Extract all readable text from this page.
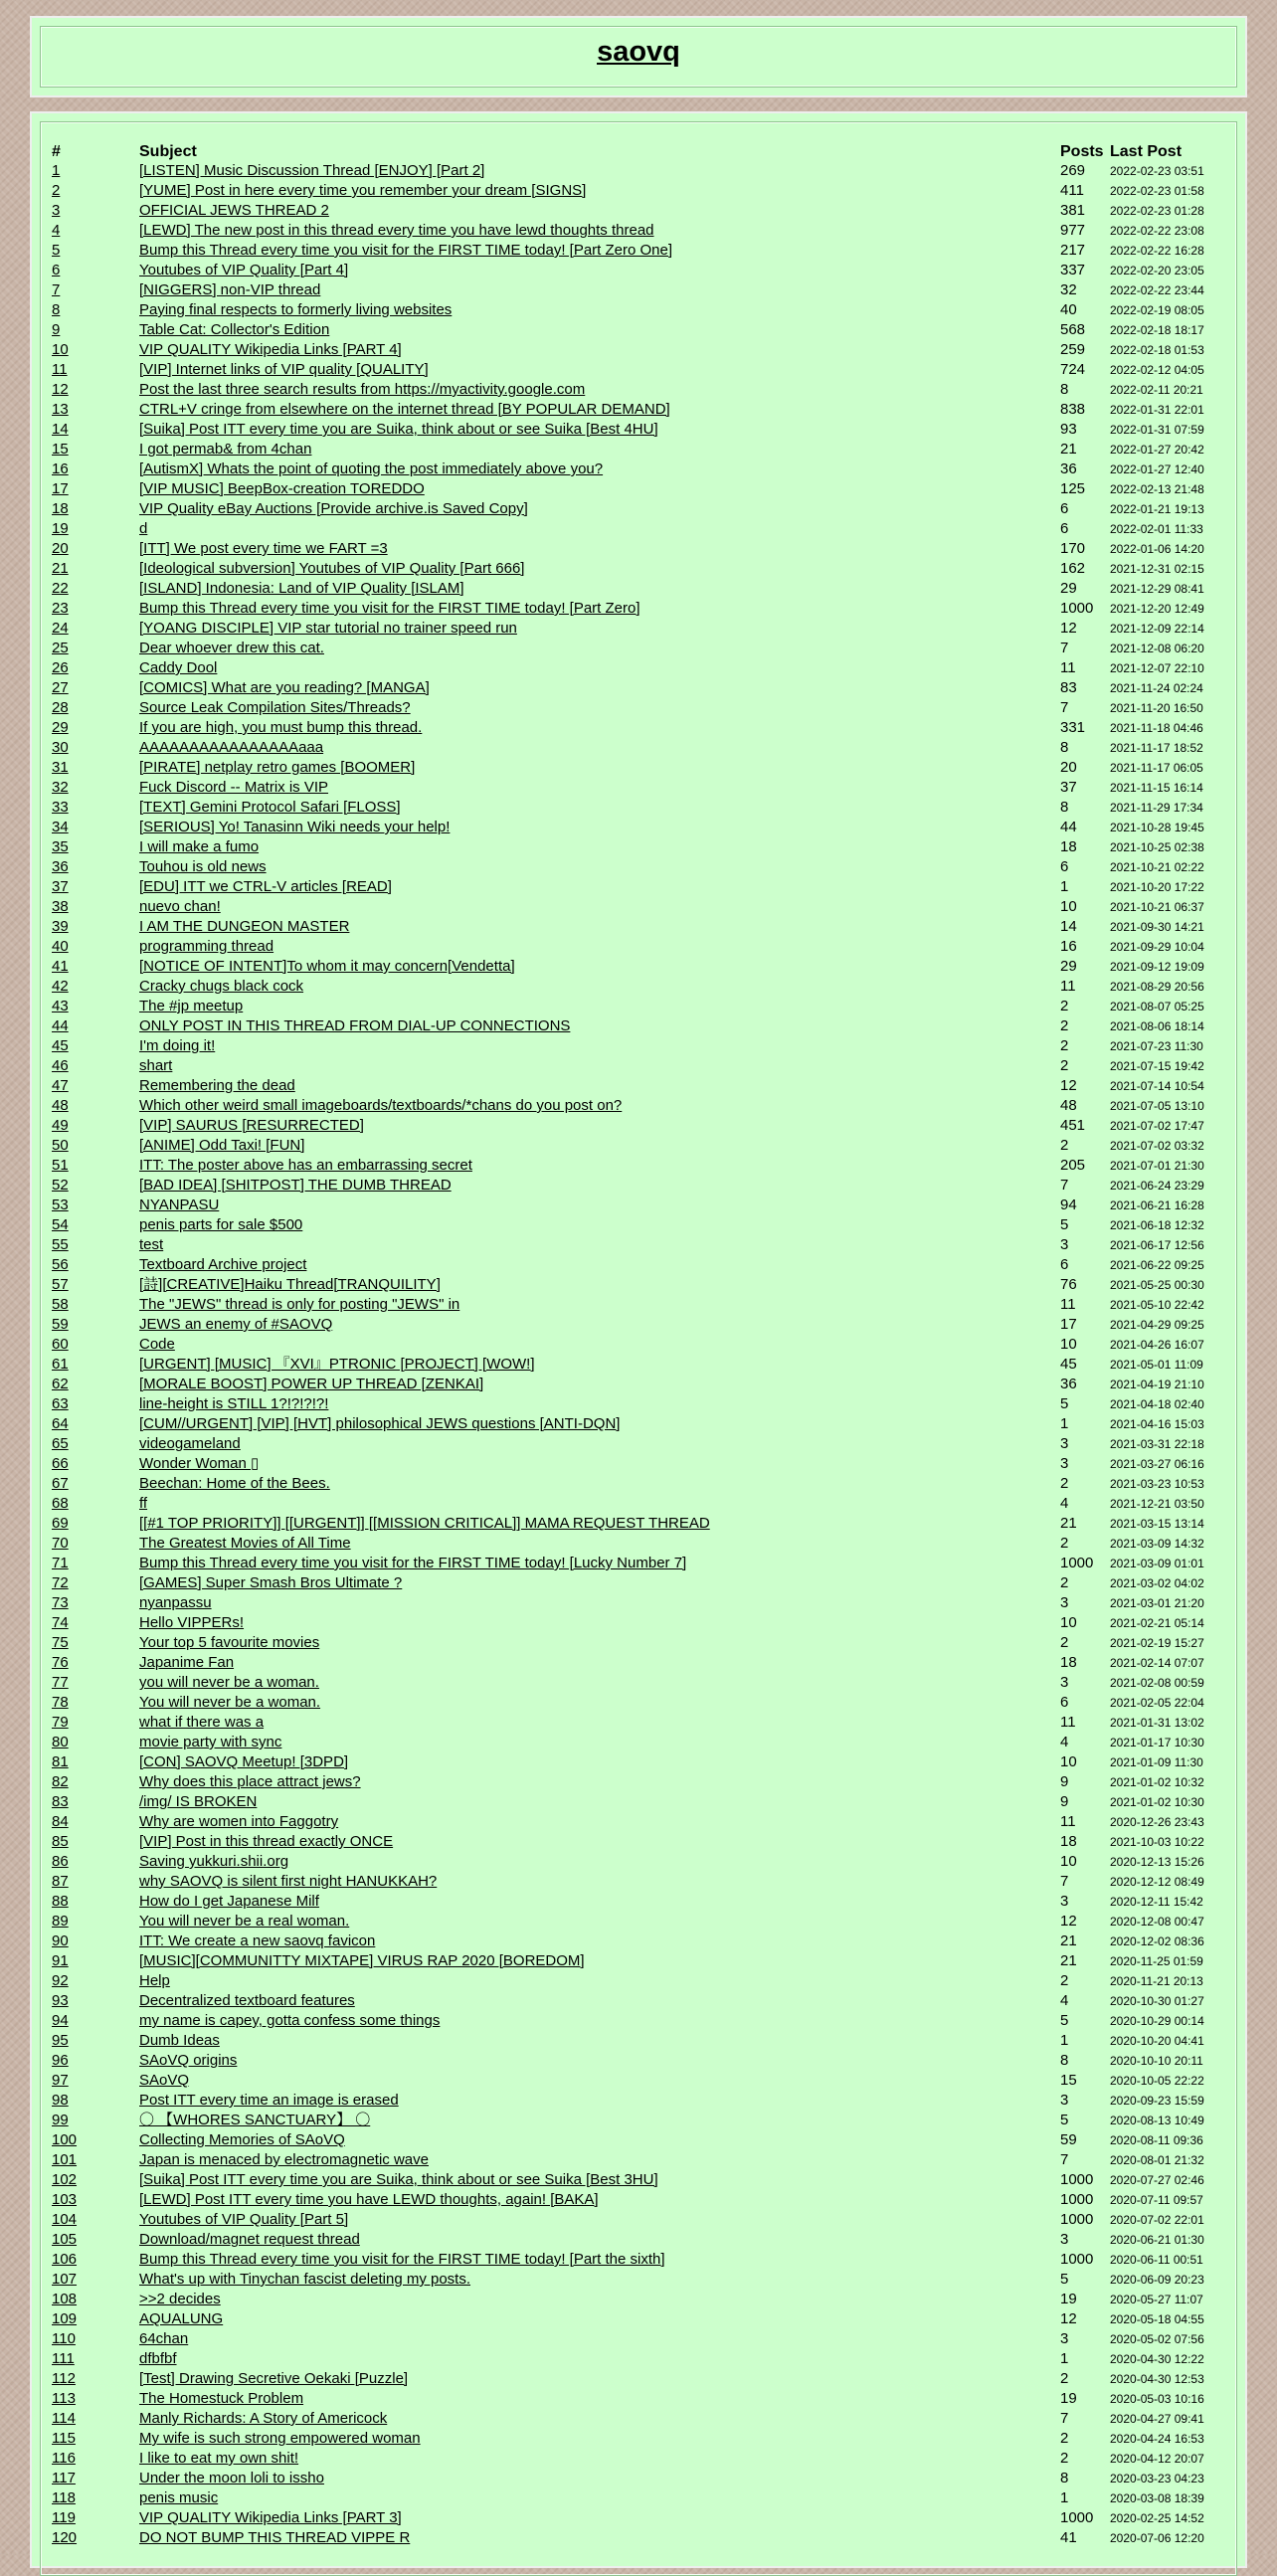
saovq
#	Subject	Posts	Last Post
1	[LISTEN] Music Discussion Thread [ENJOY] [Part 2]	269	2022-02-23 03:51
2	[YUME] Post in here every time you remember your dream [SIGNS]	411	2022-02-23 01:58
3	OFFICIAL JEWS THREAD 2	381	2022-02-23 01:28
4	[LEWD] The new post in this thread every time you have lewd thoughts thread	977	2022-02-22 23:08
5	Bump this Thread every time you visit for the FIRST TIME today! [Part Zero One]	217	2022-02-22 16:28
6	Youtubes of VIP Quality [Part 4]	337	2022-02-20 23:05
7	[NIGGERS] non-VIP thread	32	2022-02-22 23:44
8	Paying final respects to formerly living websites	40	2022-02-19 08:05
9	Table Cat: Collector's Edition	568	2022-02-18 18:17
10	VIP QUALITY Wikipedia Links [PART 4]	259	2022-02-18 01:53
11	[VIP] Internet links of VIP quality [QUALITY]	724	2022-02-12 04:05
12	Post the last three search results from https://myactivity.google.com	8	2022-02-11 20:21
13	CTRL+V cringe from elsewhere on the internet thread [BY POPULAR DEMAND]	838	2022-01-31 22:01
14	[Suika] Post ITT every time you are Suika, think about or see Suika [Best 4HU]	93	2022-01-31 07:59
15	I got permab& from 4chan	21	2022-01-27 20:42
16	[AutismX] Whats the point of quoting the post immediately above you?	36	2022-01-27 12:40
17	[VIP MUSIC] BeepBox-creation TOREDDO	125	2022-02-13 21:48
18	VIP Quality eBay Auctions [Provide archive.is Saved Copy]	6	2022-01-21 19:13
19	d	6	2022-02-01 11:33
20	[ITT] We post every time we FART =3	170	2022-01-06 14:20
21	[Ideological subversion] Youtubes of VIP Quality [Part 666]	162	2021-12-31 02:15
22	[ISLAND] Indonesia: Land of VIP Quality [ISLAM]	29	2021-12-29 08:41
23	Bump this Thread every time you visit for the FIRST TIME today! [Part Zero]	1000	2021-12-20 12:49
24	[YOANG DISCIPLE] VIP star tutorial no trainer speed run	12	2021-12-09 22:14
25	Dear whoever drew this cat.	7	2021-12-08 06:20
26	Caddy Dool	11	2021-12-07 22:10
27	[COMICS] What are you reading? [MANGA]	83	2021-11-24 02:24
28	Source Leak Compilation Sites/Threads?	7	2021-11-20 16:50
29	If you are high, you must bump this thread.	331	2021-11-18 04:46
30	AAAAAAAAAAAAAAAAaaa	8	2021-11-17 18:52
31	[PIRATE] netplay retro games [BOOMER]	20	2021-11-17 06:05
32	Fuck Discord -- Matrix is VIP	37	2021-11-15 16:14
33	[TEXT] Gemini Protocol Safari [FLOSS]	8	2021-11-29 17:34
34	[SERIOUS] Yo! Tanasinn Wiki needs your help!	44	2021-10-28 19:45
35	I will make a fumo	18	2021-10-25 02:38
36	Touhou is old news	6	2021-10-21 02:22
37	[EDU] ITT we CTRL-V articles [READ]	1	2021-10-20 17:22
38	nuevo chan!	10	2021-10-21 06:37
39	I AM THE DUNGEON MASTER	14	2021-09-30 14:21
40	programming thread	16	2021-09-29 10:04
41	[NOTICE OF INTENT]To whom it may concern[Vendetta]	29	2021-09-12 19:09
42	Cracky chugs black cock	11	2021-08-29 20:56
43	The #jp meetup	2	2021-08-07 05:25
44	ONLY POST IN THIS THREAD FROM DIAL-UP CONNECTIONS	2	2021-08-06 18:14
45	I'm doing it!	2	2021-07-23 11:30
46	shart	2	2021-07-15 19:42
47	Remembering the dead	12	2021-07-14 10:54
48	Which other weird small imageboards/textboards/*chans do you post on?	48	2021-07-05 13:10
49	[VIP] SAURUS [RESURRECTED]	451	2021-07-02 17:47
50	[ANIME] Odd Taxi! [FUN]	2	2021-07-02 03:32
51	ITT: The poster above has an embarrassing secret	205	2021-07-01 21:30
52	[BAD IDEA] [SHITPOST] THE DUMB THREAD	7	2021-06-24 23:29
53	NYANPASU	94	2021-06-21 16:28
54	penis parts for sale $500	5	2021-06-18 12:32
55	test	3	2021-06-17 12:56
56	Textboard Archive project	6	2021-06-22 09:25
57	[詩][CREATIVE]Haiku Thread[TRANQUILITY]	76	2021-05-25 00:30
58	The "JEWS" thread is only for posting "JEWS" in	11	2021-05-10 22:42
59	JEWS an enemy of #SAOVQ	17	2021-04-29 09:25
60	Code	10	2021-04-26 16:07
61	[URGENT] [MUSIC] 『XVI』PTRONIC [PROJECT] [WOW!]	45	2021-05-01 11:09
62	[MORALE BOOST] POWER UP THREAD [ZENKAI]	36	2021-04-19 21:10
63	line-height is STILL 1?!?!?!?!	5	2021-04-18 02:40
64	[CUM//URGENT] [VIP] [HVT] philosophical JEWS questions [ANTI-DQN]	1	2021-04-16 15:03
65	videogameland	3	2021-03-31 22:18
66	Wonder Woman ▯	3	2021-03-27 06:16
67	Beechan: Home of the Bees.	2	2021-03-23 10:53
68	ff	4	2021-12-21 03:50
69	[[#1 TOP PRIORITY]] [[URGENT]] [[MISSION CRITICAL]] MAMA REQUEST THREAD	21	2021-03-15 13:14
70	The Greatest Movies of All Time	2	2021-03-09 14:32
71	Bump this Thread every time you visit for the FIRST TIME today! [Lucky Number 7]	1000	2021-03-09 01:01
72	[GAMES] Super Smash Bros Ultimate ?	2	2021-03-02 04:02
73	nyanpassu	3	2021-03-01 21:20
74	Hello VIPPERs!	10	2021-02-21 05:14
75	Your top 5 favourite movies	2	2021-02-19 15:27
76	Japanime Fan	18	2021-02-14 07:07
77	you will never be a woman.	3	2021-02-08 00:59
78	You will never be a woman.	6	2021-02-05 22:04
79	what if there was a	11	2021-01-31 13:02
80	movie party with sync	4	2021-01-17 10:30
81	[CON] SAOVQ Meetup! [3DPD]	10	2021-01-09 11:30
82	Why does this place attract jews?	9	2021-01-02 10:32
83	/img/ IS BROKEN	9	2021-01-02 10:30
84	Why are women into Faggotry	11	2020-12-26 23:43
85	[VIP] Post in this thread exactly ONCE	18	2021-10-03 10:22
86	Saving yukkuri.shii.org	10	2020-12-13 15:26
87	why SAOVQ is silent first night HANUKKAH?	7	2020-12-12 08:49
88	How do I get Japanese Milf	3	2020-12-11 15:42
89	You will never be a real woman.	12	2020-12-08 00:47
90	ITT: We create a new saovq favicon	21	2020-12-02 08:36
91	[MUSIC][COMMUNITTY MIXTAPE] VIRUS RAP 2020 [BOREDOM]	21	2020-11-25 01:59
92	Help	2	2020-11-21 20:13
93	Decentralized textboard features	4	2020-10-30 01:27
94	my name is capey, gotta confess some things	5	2020-10-29 00:14
95	Dumb Ideas	1	2020-10-20 04:41
96	SAoVQ origins	8	2020-10-10 20:11
97	SAoVQ	15	2020-10-05 22:22
98	Post ITT every time an image is erased	3	2020-09-23 15:59
99	〇 【WHORES SANCTUARY】 〇	5	2020-08-13 10:49
100	Collecting Memories of SAoVQ	59	2020-08-11 09:36
101	Japan is menaced by electromagnetic wave	7	2020-08-01 21:32
102	[Suika] Post ITT every time you are Suika, think about or see Suika [Best 3HU]	1000	2020-07-27 02:46
103	[LEWD] Post ITT every time you have LEWD thoughts, again! [BAKA]	1000	2020-07-11 09:57
104	Youtubes of VIP Quality [Part 5]	1000	2020-07-02 22:01
105	Download/magnet request thread	3	2020-06-21 01:30
106	Bump this Thread every time you visit for the FIRST TIME today! [Part the sixth]	1000	2020-06-11 00:51
107	What's up with Tinychan fascist deleting my posts.	5	2020-06-09 20:23
108	>>2 decides	19	2020-05-27 11:07
109	AQUALUNG	12	2020-05-18 04:55
110	64chan	3	2020-05-02 07:56
111	dfbfbf	1	2020-04-30 12:22
112	[Test] Drawing Secretive Oekaki [Puzzle]	2	2020-04-30 12:53
113	The Homestuck Problem	19	2020-05-03 10:16
114	Manly Richards: A Story of Americock	7	2020-04-27 09:41
115	My wife is such strong empowered woman	2	2020-04-24 16:53
116	I like to eat my own shit!	2	2020-04-12 20:07
117	Under the moon loli to issho	8	2020-03-23 04:23
118	penis music	1	2020-03-08 18:39
119	VIP QUALITY Wikipedia Links [PART 3]	1000	2020-02-25 14:52
120	DO NOT BUMP THIS THREAD VIPPE R	41	2020-07-06 12:20
